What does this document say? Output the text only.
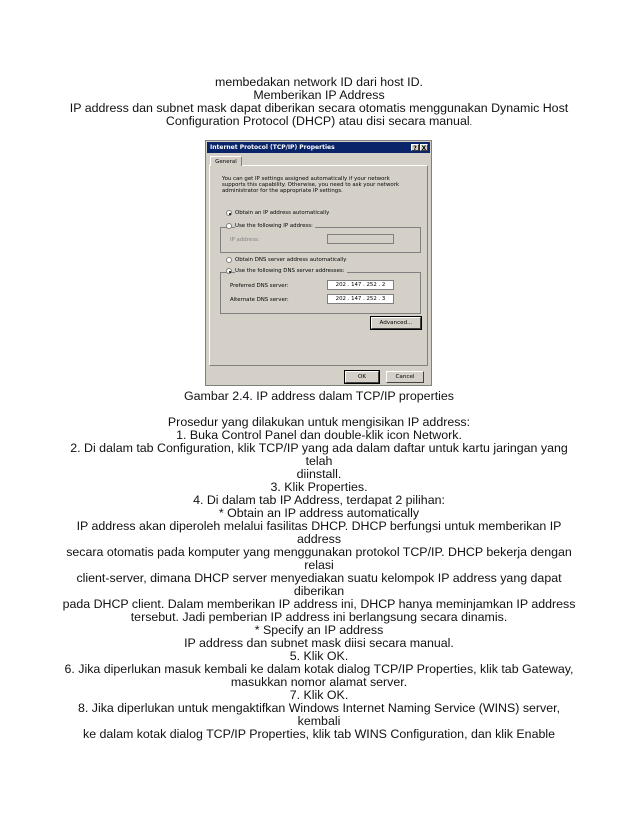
membedakan network ID dari host ID.
Memberikan IP Address
IP address dan subnet mask dapat diberikan secara otomatis menggunakan Dynamic Host
Configuration Protocol (DHCP) atau disi secara manual.
Internet Protocol (TCP/IP) Properties	? X
General
You can get IP settings assigned automatically if your network
supports this capability. Otherwise, you need to ask your network
administrator for the appropriate IP settings.
Obtain an IP address automatically
Use the following IP address:
IP address:
Obtain DNS server address automatically
Use the following DNS server addresses:
Preferred DNS server:	202 . 147 . 252 . 2
Alternate DNS server:	202 . 147 . 252 . 3
Advanced...
OK	Cancel
Gambar 2.4. IP address dalam TCP/IP properties
Prosedur yang dilakukan untuk mengisikan IP address:
1. Buka Control Panel dan double-klik icon Network.
2. Di dalam tab Configuration, klik TCP/IP yang ada dalam daftar untuk kartu jaringan yang
telah
diinstall.
3. Klik Properties.
4. Di dalam tab IP Address, terdapat 2 pilihan:
* Obtain an IP address automatically
IP address akan diperoleh melalui fasilitas DHCP. DHCP berfungsi untuk memberikan IP
address
secara otomatis pada komputer yang menggunakan protokol TCP/IP. DHCP bekerja dengan
relasi
client-server, dimana DHCP server menyediakan suatu kelompok IP address yang dapat
diberikan
pada DHCP client. Dalam memberikan IP address ini, DHCP hanya meminjamkan IP address
tersebut. Jadi pemberian IP address ini berlangsung secara dinamis.
* Specify an IP address
IP address dan subnet mask diisi secara manual.
5. Klik OK.
6. Jika diperlukan masuk kembali ke dalam kotak dialog TCP/IP Properties, klik tab Gateway,
masukkan nomor alamat server.
7. Klik OK.
8. Jika diperlukan untuk mengaktifkan Windows Internet Naming Service (WINS) server,
kembali
ke dalam kotak dialog TCP/IP Properties, klik tab WINS Configuration, dan klik Enable
